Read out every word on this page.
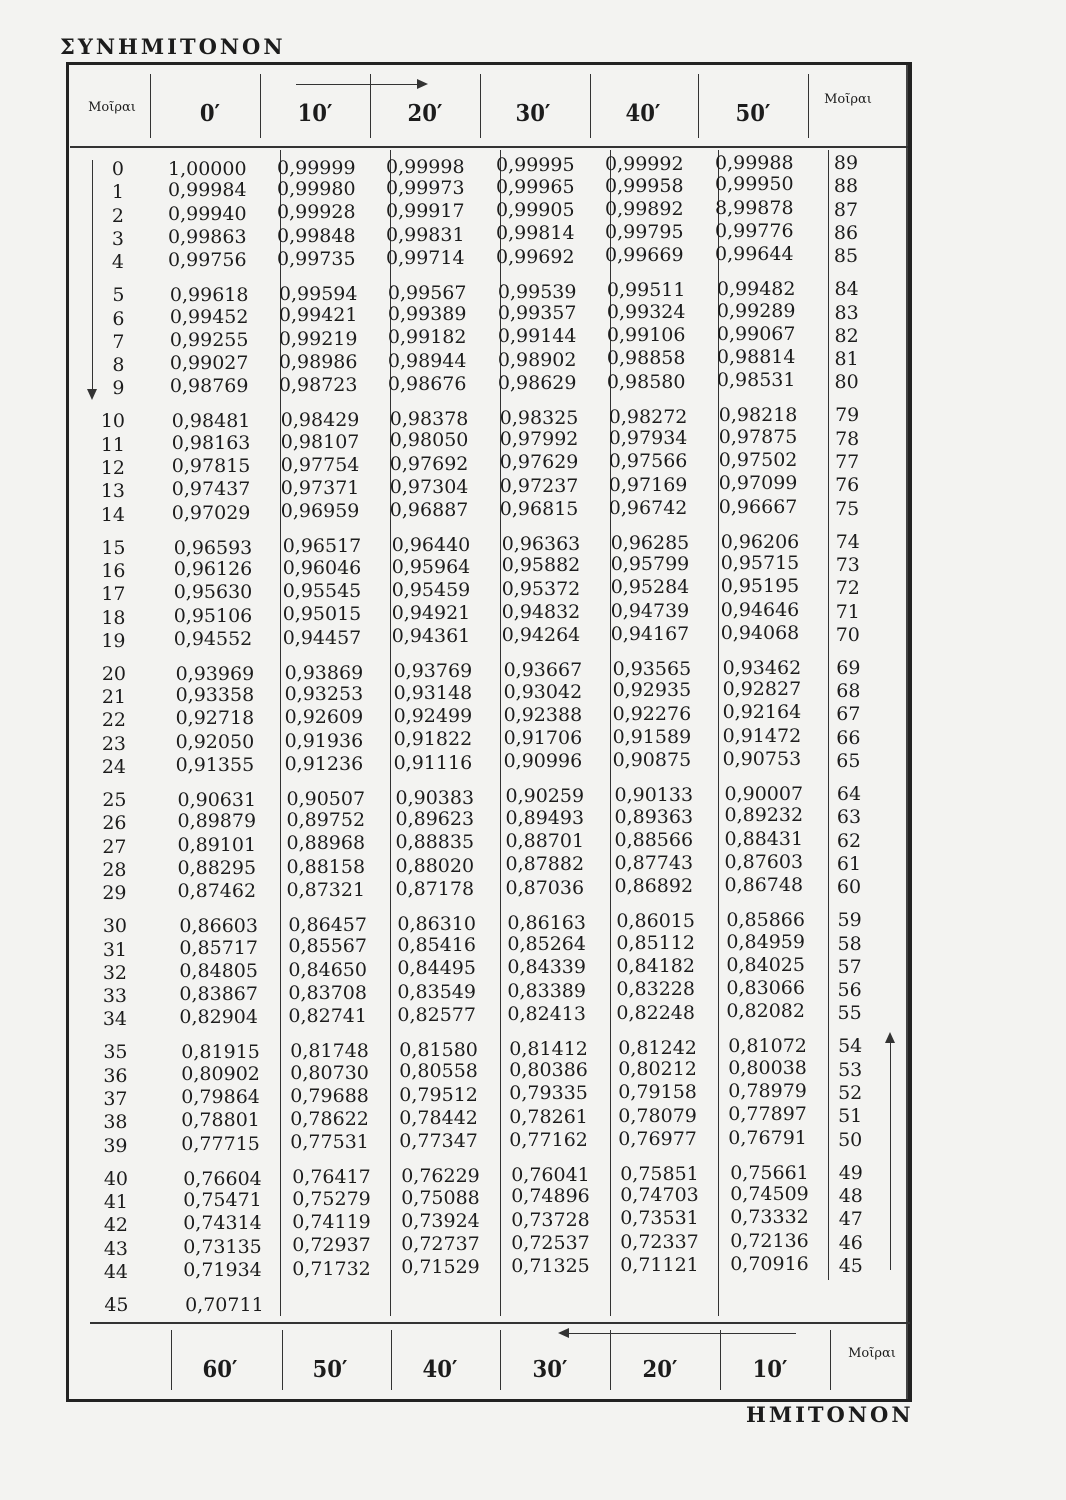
ΣΥΝΗΜΙΤΟΝΟΝ
Μοῖραι
Μοῖραι
Μοῖραι
0′	10′	20′	30′	40′	50′
60′	50′	40′	30′	20′	10′
0 1,00000	0,99999	0,99998	0,99995	0,99992	0,99988	89
1 0,99984	0,99980	0,99973	0,99965	0,99958	0,99950	88
2 0,99940	0,99928	0,99917	0,99905	0,99892	8,99878	87
3 0,99863	0,99848	0,99831	0,99814	0,99795	0,99776	86
4 0,99756	0,99735	0,99714	0,99692	0,99669	0,99644	85
5 0,99618	0,99594	0,99567	0,99539	0,99511	0,99482	84
6 0,99452	0,99421	0,99389	0,99357	0,99324	0,99289	83
7 0,99255	0,99219	0,99182	0,99144	0,99106	0,99067	82
8 0,99027	0,98986	0,98944	0,98902	0,98858	0,98814	81
9 0,98769	0,98723	0,98676	0,98629	0,98580	0,98531	80
10 0,98481	0,98429	0,98378	0,98325	0,98272	0,98218	79
11 0,98163	0,98107	0,98050	0,97992	0,97934	0,97875	78
12 0,97815	0,97754	0,97692	0,97629	0,97566	0,97502	77
13 0,97437	0,97371	0,97304	0,97237	0,97169	0,97099	76
14 0,97029	0,96959	0,96887	0,96815	0,96742	0,96667	75
15	0,96593	0,96517	0,96440	0,96363	0,96285	0,96206	74
16	0,96126	0,96046	0,95964	0,95882	0,95799	0,95715	73
17	0,95630	0,95545	0,95459	0,95372	0,95284	0,95195	72
18	0,95106	0,95015	0,94921	0,94832	0,94739	0,94646	71
19	0,94552	0,94457	0,94361	0,94264	0,94167	0,94068	70
20	0,93969	0,93869	0,93769	0,93667	0,93565	0,93462	69
21	0,93358	0,93253	0,93148	0,93042	0,92935	0,92827	68
22	0,92718	0,92609	0,92499	0,92388	0,92276	0,92164	67
23	0,92050	0,91936	0,91822	0,91706	0,91589	0,91472	66
24	0,91355	0,91236	0,91116	0,90996	0,90875	0,90753	65
25	0,90631	0,90507	0,90383	0,90259	0,90133	0,90007	64
26	0,89879	0,89752	0,89623	0,89493	0,89363	0,89232	63
27	0,89101	0,88968	0,88835	0,88701	0,88566	0,88431	62
28	0,88295	0,88158	0,88020	0,87882	0,87743	0,87603	61
29	0,87462	0,87321	0,87178	0,87036	0,86892	0,86748	60
30	0,86603	0,86457	0,86310	0,86163	0,86015	0,85866	59
31	0,85717	0,85567	0,85416	0,85264	0,85112	0,84959	58
32	0,84805	0,84650	0,84495	0,84339	0,84182	0,84025	57
33	0,83867	0,83708	0,83549	0,83389	0,83228	0,83066	56
34	0,82904	0,82741	0,82577	0,82413	0,82248	0,82082	55
35	0,81915	0,81748	0,81580	0,81412	0,81242	0,81072	54
36	0,80902	0,80730	0,80558	0,80386	0,80212	0,80038	53
37	0,79864	0,79688	0,79512	0,79335	0,79158	0,78979	52
38	0,78801	0,78622	0,78442	0,78261	0,78079	0,77897	51
39	0,77715	0,77531	0,77347	0,77162	0,76977	0,76791	50
40	0,76604	0,76417	0,76229	0,76041	0,75851	0,75661	49
41	0,75471	0,75279	0,75088	0,74896	0,74703	0,74509	48
42	0,74314	0,74119	0,73924	0,73728	0,73531	0,73332	47
43	0,73135	0,72937	0,72737	0,72537	0,72337	0,72136	46
44	0,71934	0,71732	0,71529	0,71325	0,71121	0,70916	45
45	0,70711
ΗΜΙΤΟΝΟΝ
